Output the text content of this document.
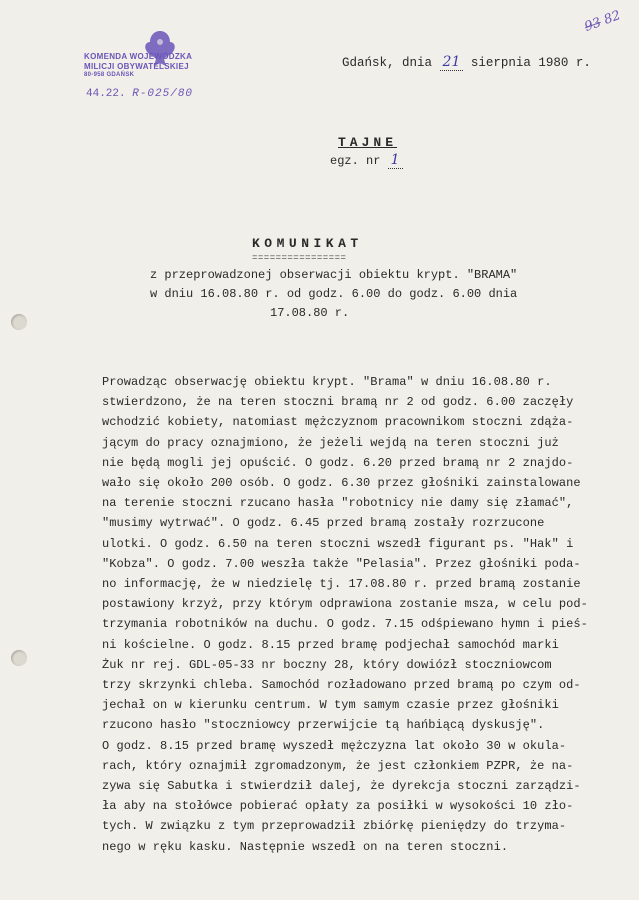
KOMENDA WOJEWÓDZKA
MILICJI OBYWATELSKIEJ
80-958 GDAŃSK
44.22. R-025/80
93 82
Gdańsk, dnia 21 sierpnia 1980 r.
TAJNE
egz. nr 1
KOMUNIKAT
================
z przeprowadzonej obserwacji obiektu krypt. "BRAMA"
w dniu 16.08.80 r. od godz. 6.00 do godz. 6.00 dnia
17.08.80 r.
Prowadząc obserwację obiektu krypt. "Brama" w dniu 16.08.80 r.
stwierdzono, że na teren stoczni bramą nr 2 od godz. 6.00 zaczęły
wchodzić kobiety, natomiast mężczyznom pracownikom stoczni zdąża-
jącym do pracy oznajmiono, że jeżeli wejdą na teren stoczni już
nie będą mogli jej opuścić. O godz. 6.20 przed bramą nr 2 znajdo-
wało się około 200 osób. O godz. 6.30 przez głośniki zainstalowane
na terenie stoczni rzucano hasła "robotnicy nie damy się złamać",
"musimy wytrwać". O godz. 6.45 przed bramą zostały rozrzucone
ulotki. O godz. 6.50 na teren stoczni wszedł figurant ps. "Hak" i
"Kobza". O godz. 7.00 weszła także "Pelasia". Przez głośniki poda-
no informację, że w niedzielę tj. 17.08.80 r. przed bramą zostanie
postawiony krzyż, przy którym odprawiona zostanie msza, w celu pod-
trzymania robotników na duchu. O godz. 7.15 odśpiewano hymn i pieś-
ni kościelne. O godz. 8.15 przed bramę podjechał samochód marki
Żuk nr rej. GDL-05-33 nr boczny 28, który dowiózł stoczniowcom
trzy skrzynki chleba. Samochód rozładowano przed bramą po czym od-
jechał on w kierunku centrum. W tym samym czasie przez głośniki
rzucono hasło "stoczniowcy przerwijcie tą hańbiącą dyskusję".
O godz. 8.15 przed bramę wyszedł mężczyzna lat około 30 w okula-
rach, który oznajmił zgromadzonym, że jest członkiem PZPR, że na-
zywa się Sabutka i stwierdził dalej, że dyrekcja stoczni zarządzi-
ła aby na stołówce pobierać opłaty za posiłki w wysokości 10 zło-
tych. W związku z tym przeprowadził zbiórkę pieniędzy do trzyma-
nego w ręku kasku. Następnie wszedł on na teren stoczni.
